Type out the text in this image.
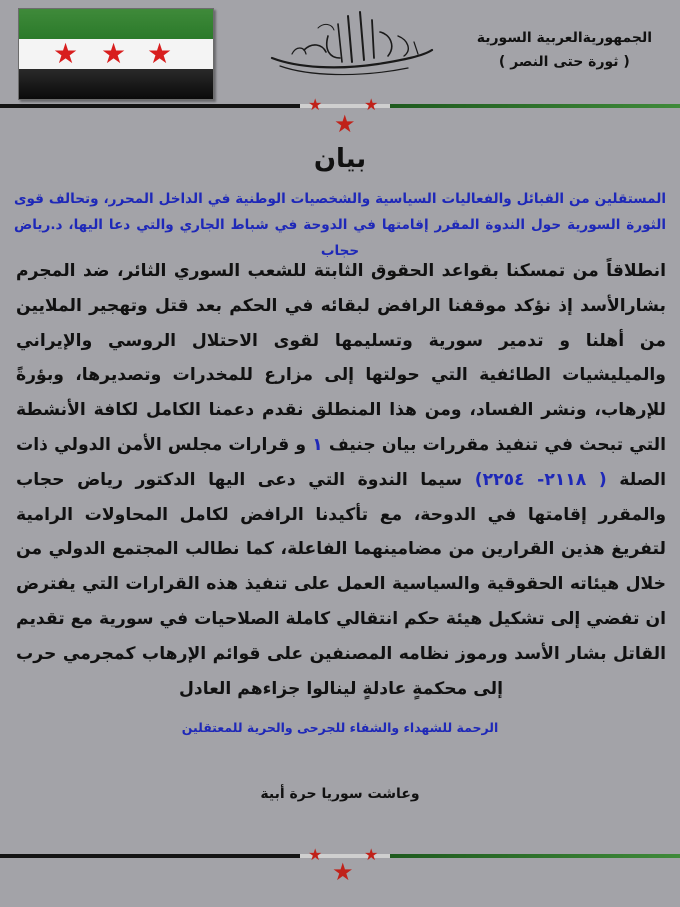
★ ★ ★	الجمهوريةالعربية السورية
( ثورة حتى النصر )
★	★
★
بيان
المستقلين من القبائل والفعاليات السياسية والشخصيات الوطنية في الداخل المحرر، وتحالف قوى الثورة السورية حول الندوة المقرر إقامتها في الدوحة في شباط الجاري والتي دعا اليها، د.رياض حجاب
انطلاقاً من تمسكنا بقواعد الحقوق الثابتة للشعب السوري الثائر، ضد المجرم بشارالأسد إذ نؤكد موقفنا الرافض لبقائه في الحكم بعد قتل وتهجير الملايين من أهلنا و تدمير سورية وتسليمها لقوى الاحتلال الروسي والإيراني والميليشيات الطائفية التي حولتها إلى مزارع للمخدرات وتصديرها، وبؤرةً للإرهاب، ونشر الفساد، ومن هذا المنطلق نقدم دعمنا الكامل لكافة الأنشطة التي تبحث في تنفيذ مقررات بيان جنيف ١ و قرارات مجلس الأمن الدولي ذات الصلة ( ٢١١٨- ٢٢٥٤) سيما الندوة التي دعى اليها الدكتور رياض حجاب والمقرر إقامتها في الدوحة، مع تأكيدنا الرافض لكامل المحاولات الرامية لتفريغ هذين القرارين من مضامينهما الفاعلة، كما نطالب المجتمع الدولي من خلال هيئاته الحقوقية والسياسية العمل على تنفيذ هذه القرارات التي يفترض ان تفضي إلى تشكيل هيئة حكم انتقالي كاملة الصلاحيات في سورية مع تقديم القاتل بشار الأسد ورموز نظامه المصنفين على قوائم الإرهاب كمجرمي حرب إلى محكمةٍ عادلةٍ لينالوا جزاءهم العادل
الرحمة للشهداء والشفاء للجرحى والحرية للمعتقلين
وعاشت سوريا حرة أبية
★	★
★
